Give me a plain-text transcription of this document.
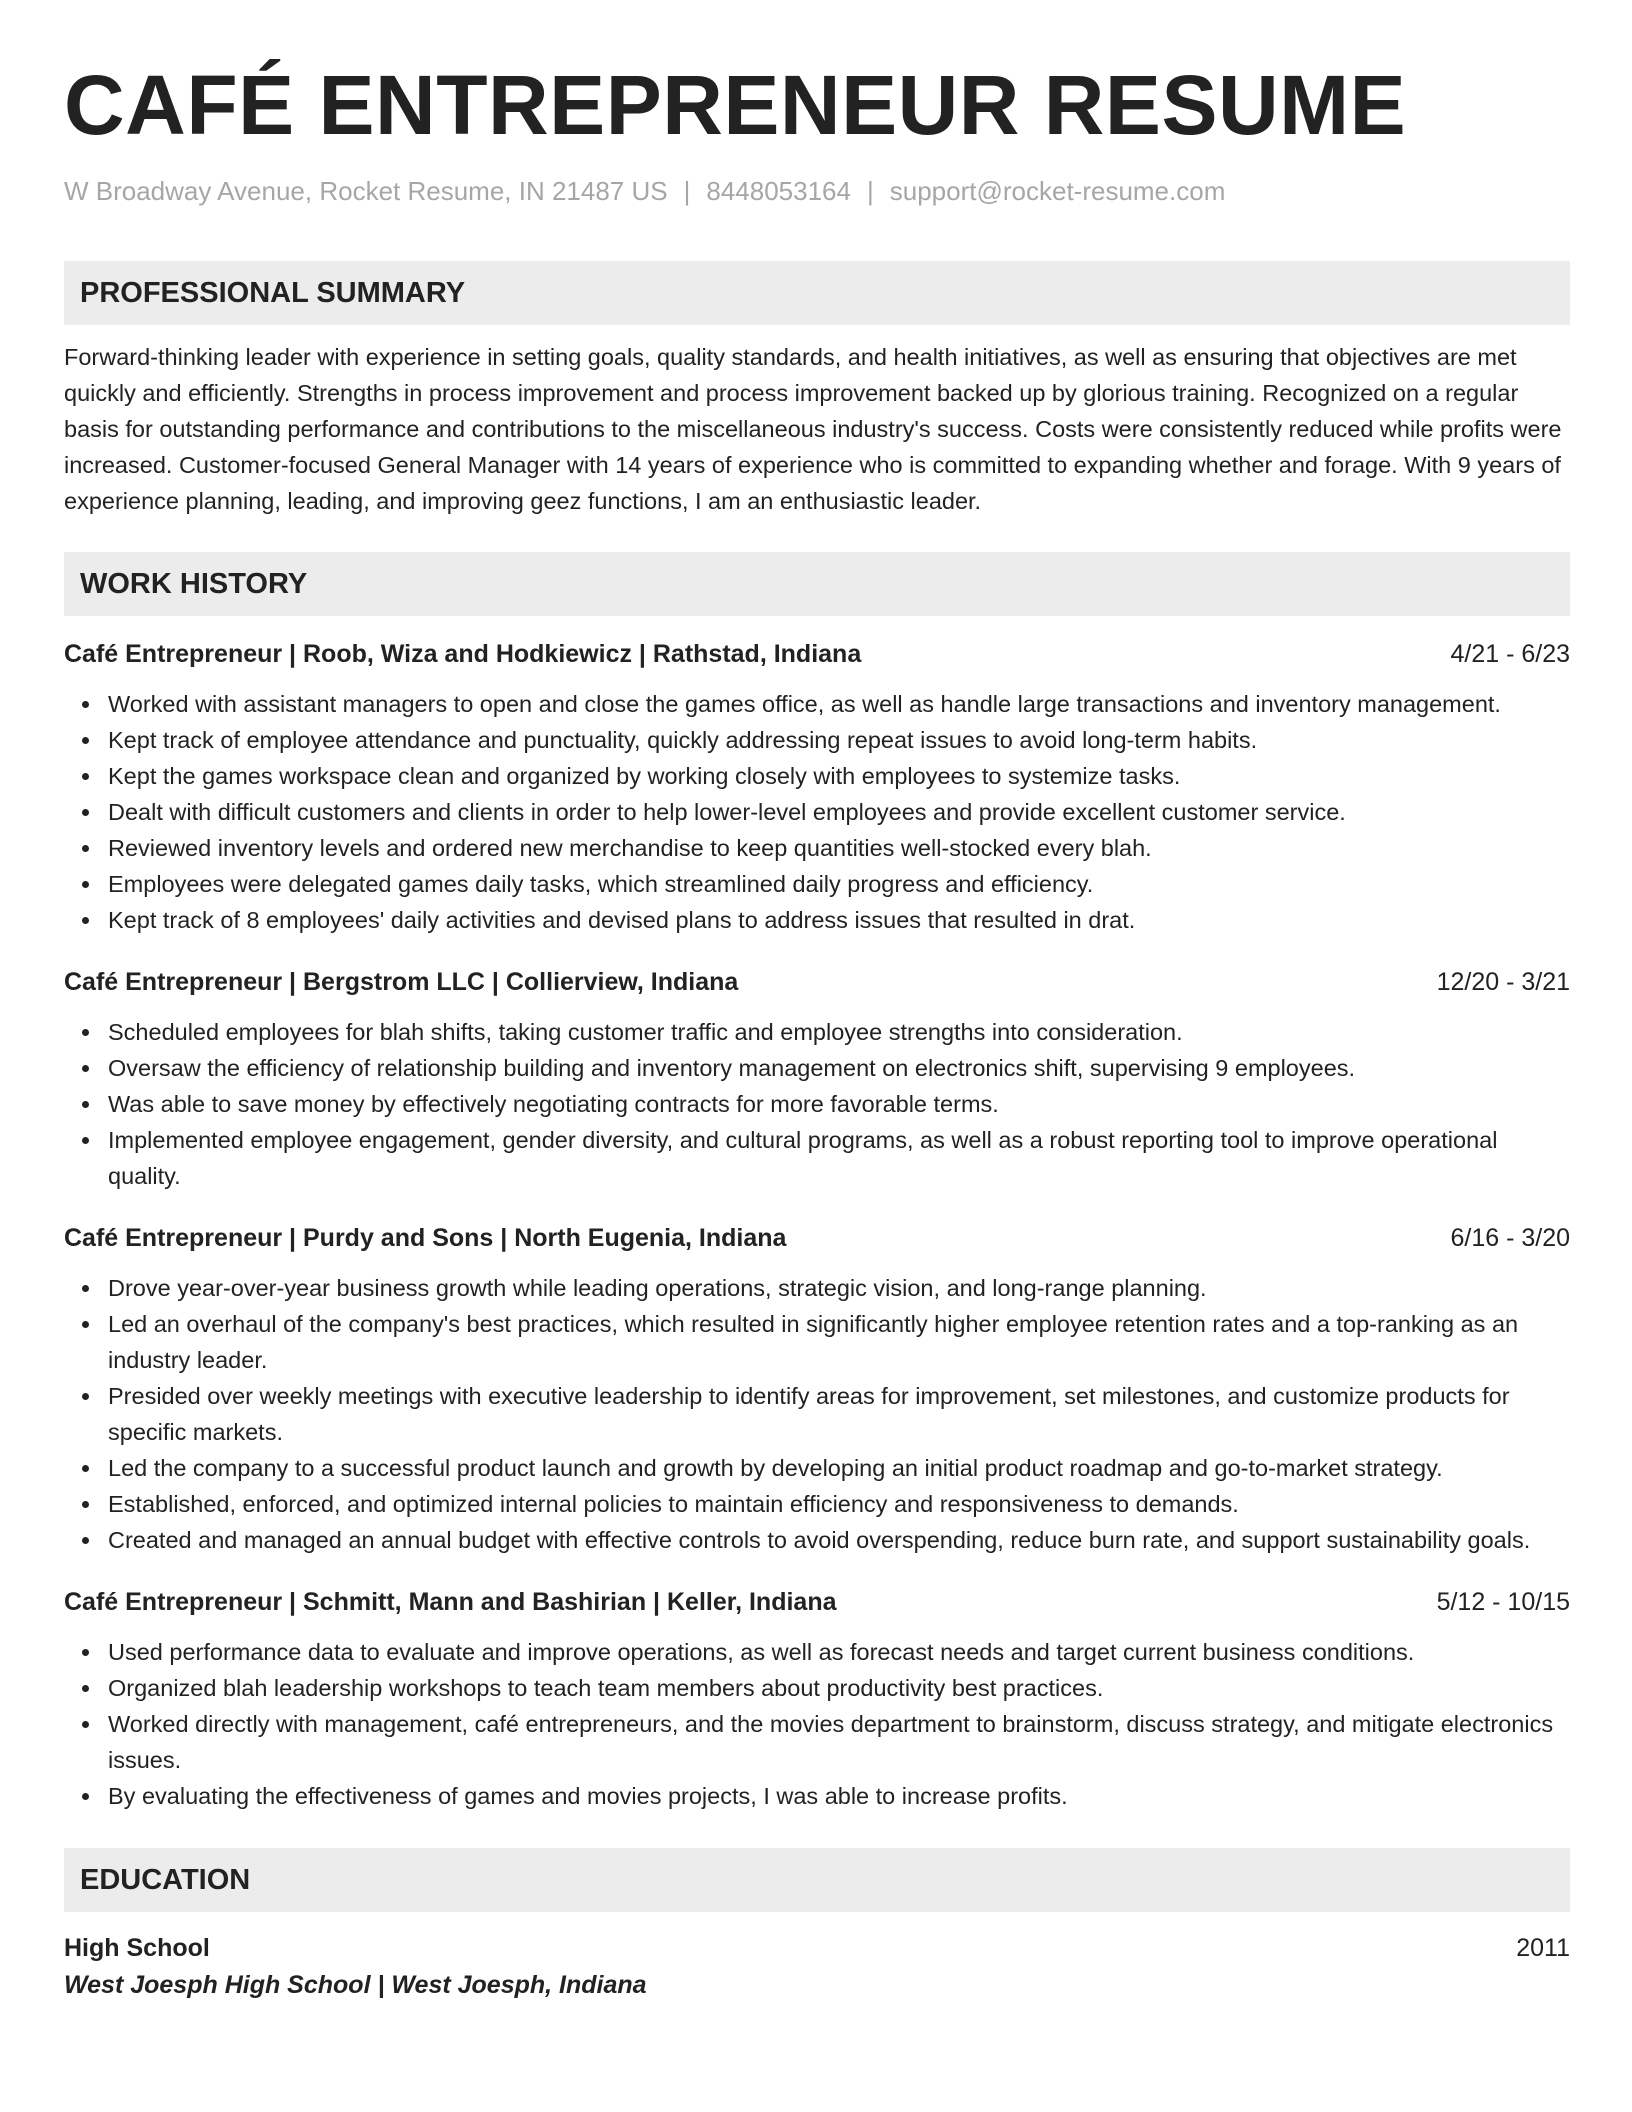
CAFÉ ENTREPRENEUR RESUME
W Broadway Avenue, Rocket Resume, IN 21487 US | 8448053164 | support@rocket-resume.com
PROFESSIONAL SUMMARY

Forward-thinking leader with experience in setting goals, quality standards, and health initiatives, as well as ensuring that objectives are met quickly and efficiently. Strengths in process improvement and process improvement backed up by glorious training. Recognized on a regular basis for outstanding performance and contributions to the miscellaneous industry's success. Costs were consistently reduced while profits were increased. Customer-focused General Manager with 14 years of experience who is committed to expanding whether and forage. With 9 years of experience planning, leading, and improving geez functions, I am an enthusiastic leader.

WORK HISTORY
Café Entrepreneur | Roob, Wiza and Hodkiewicz | Rathstad, Indiana	4/21 - 6/23
Worked with assistant managers to open and close the games office, as well as handle large transactions and inventory management.
Kept track of employee attendance and punctuality, quickly addressing repeat issues to avoid long-term habits.
Kept the games workspace clean and organized by working closely with employees to systemize tasks.
Dealt with difficult customers and clients in order to help lower-level employees and provide excellent customer service.
Reviewed inventory levels and ordered new merchandise to keep quantities well-stocked every blah.
Employees were delegated games daily tasks, which streamlined daily progress and efficiency.
Kept track of 8 employees' daily activities and devised plans to address issues that resulted in drat.
Café Entrepreneur | Bergstrom LLC | Collierview, Indiana	12/20 - 3/21
Scheduled employees for blah shifts, taking customer traffic and employee strengths into consideration.
Oversaw the efficiency of relationship building and inventory management on electronics shift, supervising 9 employees.
Was able to save money by effectively negotiating contracts for more favorable terms.
Implemented employee engagement, gender diversity, and cultural programs, as well as a robust reporting tool to improve operational quality.
Café Entrepreneur | Purdy and Sons | North Eugenia, Indiana	6/16 - 3/20
Drove year-over-year business growth while leading operations, strategic vision, and long-range planning.
Led an overhaul of the company's best practices, which resulted in significantly higher employee retention rates and a top-ranking as an industry leader.
Presided over weekly meetings with executive leadership to identify areas for improvement, set milestones, and customize products for specific markets.
Led the company to a successful product launch and growth by developing an initial product roadmap and go-to-market strategy.
Established, enforced, and optimized internal policies to maintain efficiency and responsiveness to demands.
Created and managed an annual budget with effective controls to avoid overspending, reduce burn rate, and support sustainability goals.
Café Entrepreneur | Schmitt, Mann and Bashirian | Keller, Indiana	5/12 - 10/15
Used performance data to evaluate and improve operations, as well as forecast needs and target current business conditions.
Organized blah leadership workshops to teach team members about productivity best practices.
Worked directly with management, café entrepreneurs, and the movies department to brainstorm, discuss strategy, and mitigate electronics issues.
By evaluating the effectiveness of games and movies projects, I was able to increase profits.
EDUCATION
High School	2011
West Joesph High School | West Joesph, Indiana
